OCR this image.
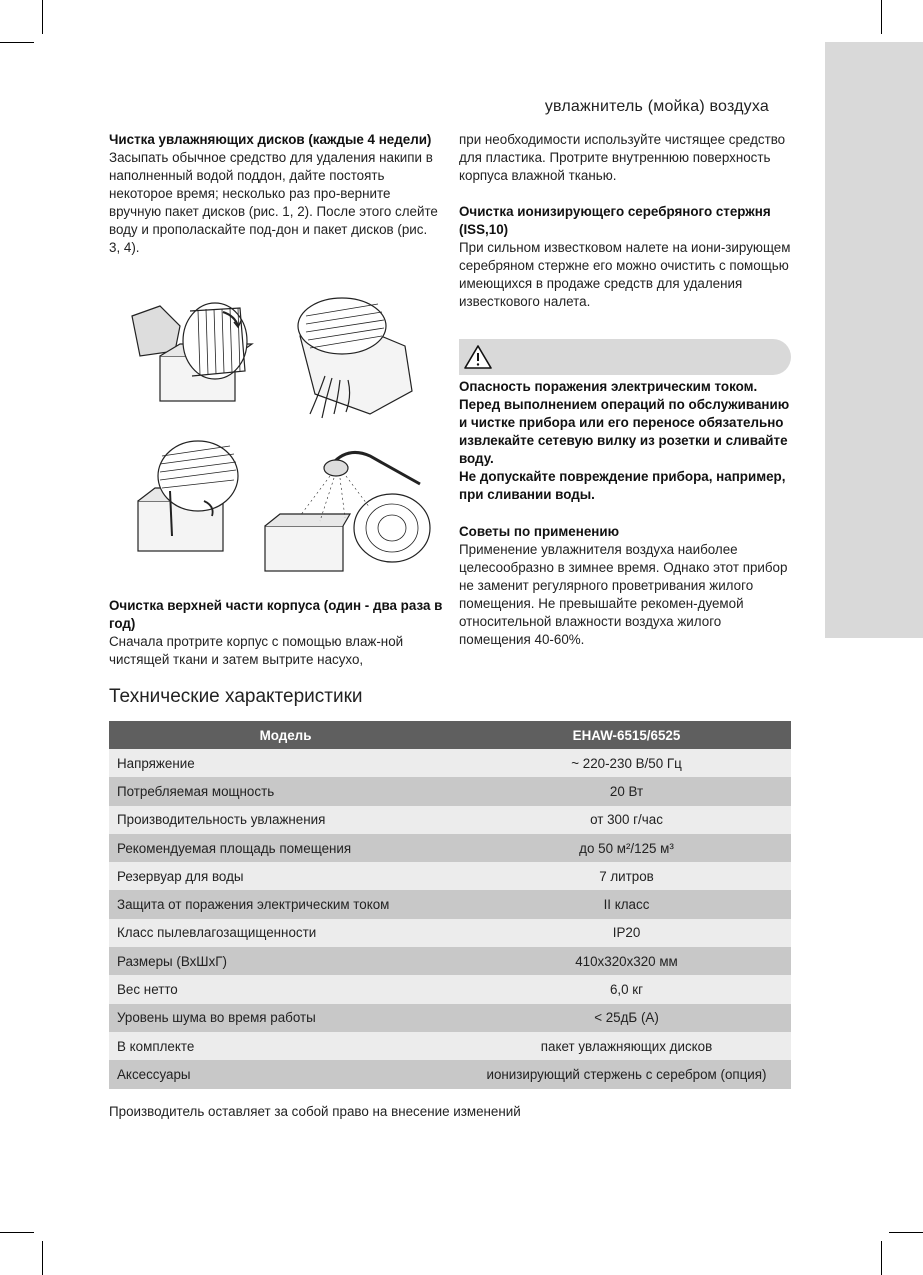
увлажнитель (мойка) воздуха
Чистка увлажняющих дисков (каждые 4 недели)

Засыпать обычное средство для удаления накипи в наполненный водой поддон, дайте постоять некоторое время; несколько раз про-верните вручную пакет дисков (рис. 1, 2). После этого слейте воду и прополаскайте под-дон и пакет дисков (рис. 3, 4).

Очистка верхней части корпуса (один - два раза в год)

Сначала протрите корпус с помощью влаж-ной чистящей ткани и затем вытрите насухо,

при необходимости используйте чистящее средство для пластика. Протрите внутреннюю поверхность корпуса влажной тканью.

Очистка ионизирующего серебряного стержня (ISS,10)

При сильном известковом налете на иони-зирующем серебряном стержне его можно очистить с помощью имеющихся в продаже средств для удаления известкового налета.

Опасность поражения электрическим током. Перед выполнением операций по обслуживанию и чистке прибора или его переносе обязательно извлекайте сетевую вилку из розетки и сливайте воду.

Не допускайте повреждение прибора, например, при сливании воды.

Советы по применению

Применение увлажнителя воздуха наиболее целесообразно в зимнее время. Однако этот прибор не заменит регулярного проветривания жилого помещения. Не превышайте рекомен-дуемой относительной влажности воздуха жилого помещения 40-60%.

Технические характеристики
Модель	EHAW-6515/6525
Напряжение	~ 220-230 В/50 Гц
Потребляемая мощность	20 Вт
Производительность увлажнения	от 300 г/час
Рекомендуемая площадь помещения	до 50 м²/125 м³
Резервуар для воды	7 литров
Защита от поражения электрическим током	II класс
Класс пылевлагозащищенности	IP20
Размеры (ВхШхГ)	410х320х320 мм
Вес нетто	6,0 кг
Уровень шума во время работы	< 25дБ (А)
В комплекте	пакет увлажняющих дисков
Аксессуары	ионизирующий стержень с серебром (опция)
Производитель оставляет за собой право на внесение изменений
